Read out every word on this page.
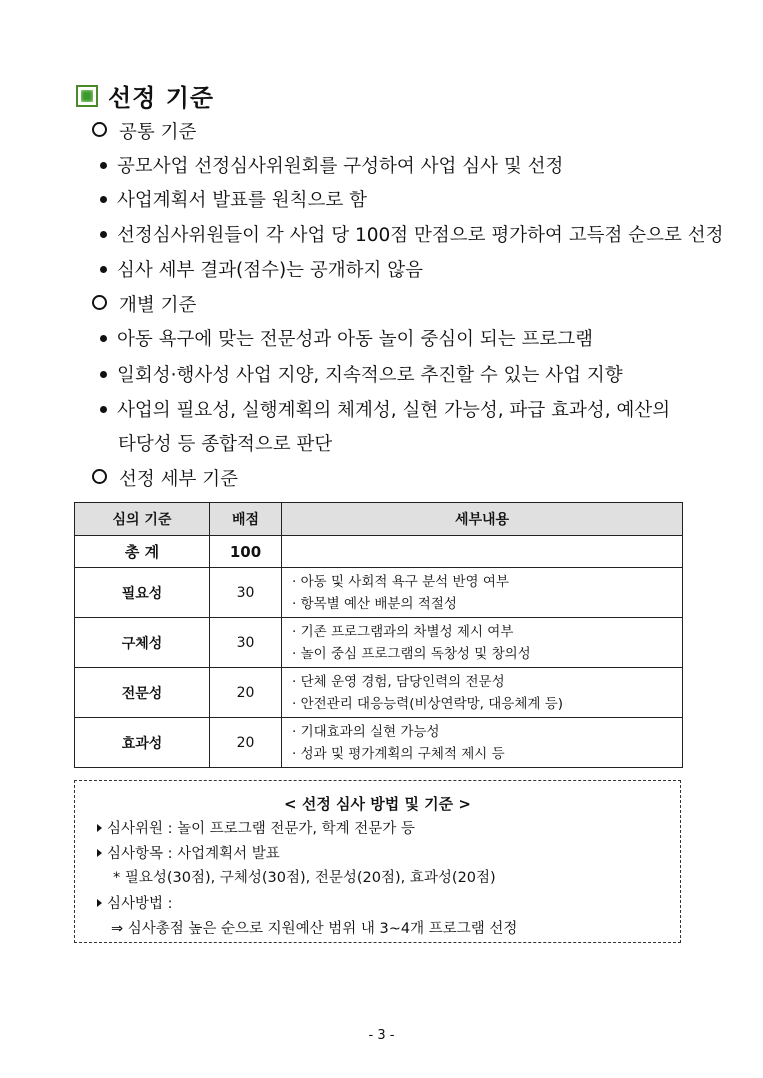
선정 기준
공통 기준
공모사업 선정심사위원회를 구성하여 사업 심사 및 선정
사업계획서 발표를 원칙으로 함
선정심사위원들이 각 사업 당 100점 만점으로 평가하여 고득점 순으로 선정
심사 세부 결과(점수)는 공개하지 않음
개별 기준
아동 욕구에 맞는 전문성과 아동 놀이 중심이 되는 프로그램
일회성·행사성 사업 지양, 지속적으로 추진할 수 있는 사업 지향
사업의 필요성, 실행계획의 체계성, 실현 가능성, 파급 효과성, 예산의
타당성 등 종합적으로 판단
선정 세부 기준
심의 기준	배점	세부내용
총 계	100	
필요성	30	· 아동 및 사회적 욕구 분석 반영 여부
· 항목별 예산 배분의 적절성

구체성	30	· 기존 프로그램과의 차별성 제시 여부
· 놀이 중심 프로그램의 독창성 및 창의성

전문성	20	· 단체 운영 경험, 담당인력의 전문성
· 안전관리 대응능력(비상연락망, 대응체계 등)

효과성	20	· 기대효과의 실현 가능성
· 성과 및 평가계획의 구체적 제시 등
< 선정 심사 방법 및 기준 >
심사위원 : 놀이 프로그램 전문가, 학계 전문가 등
심사항목 : 사업계획서 발표
* 필요성(30점), 구체성(30점), 전문성(20점), 효과성(20점)
심사방법 :
⇒ 심사총점 높은 순으로 지원예산 범위 내 3~4개 프로그램 선정
- 3 -
